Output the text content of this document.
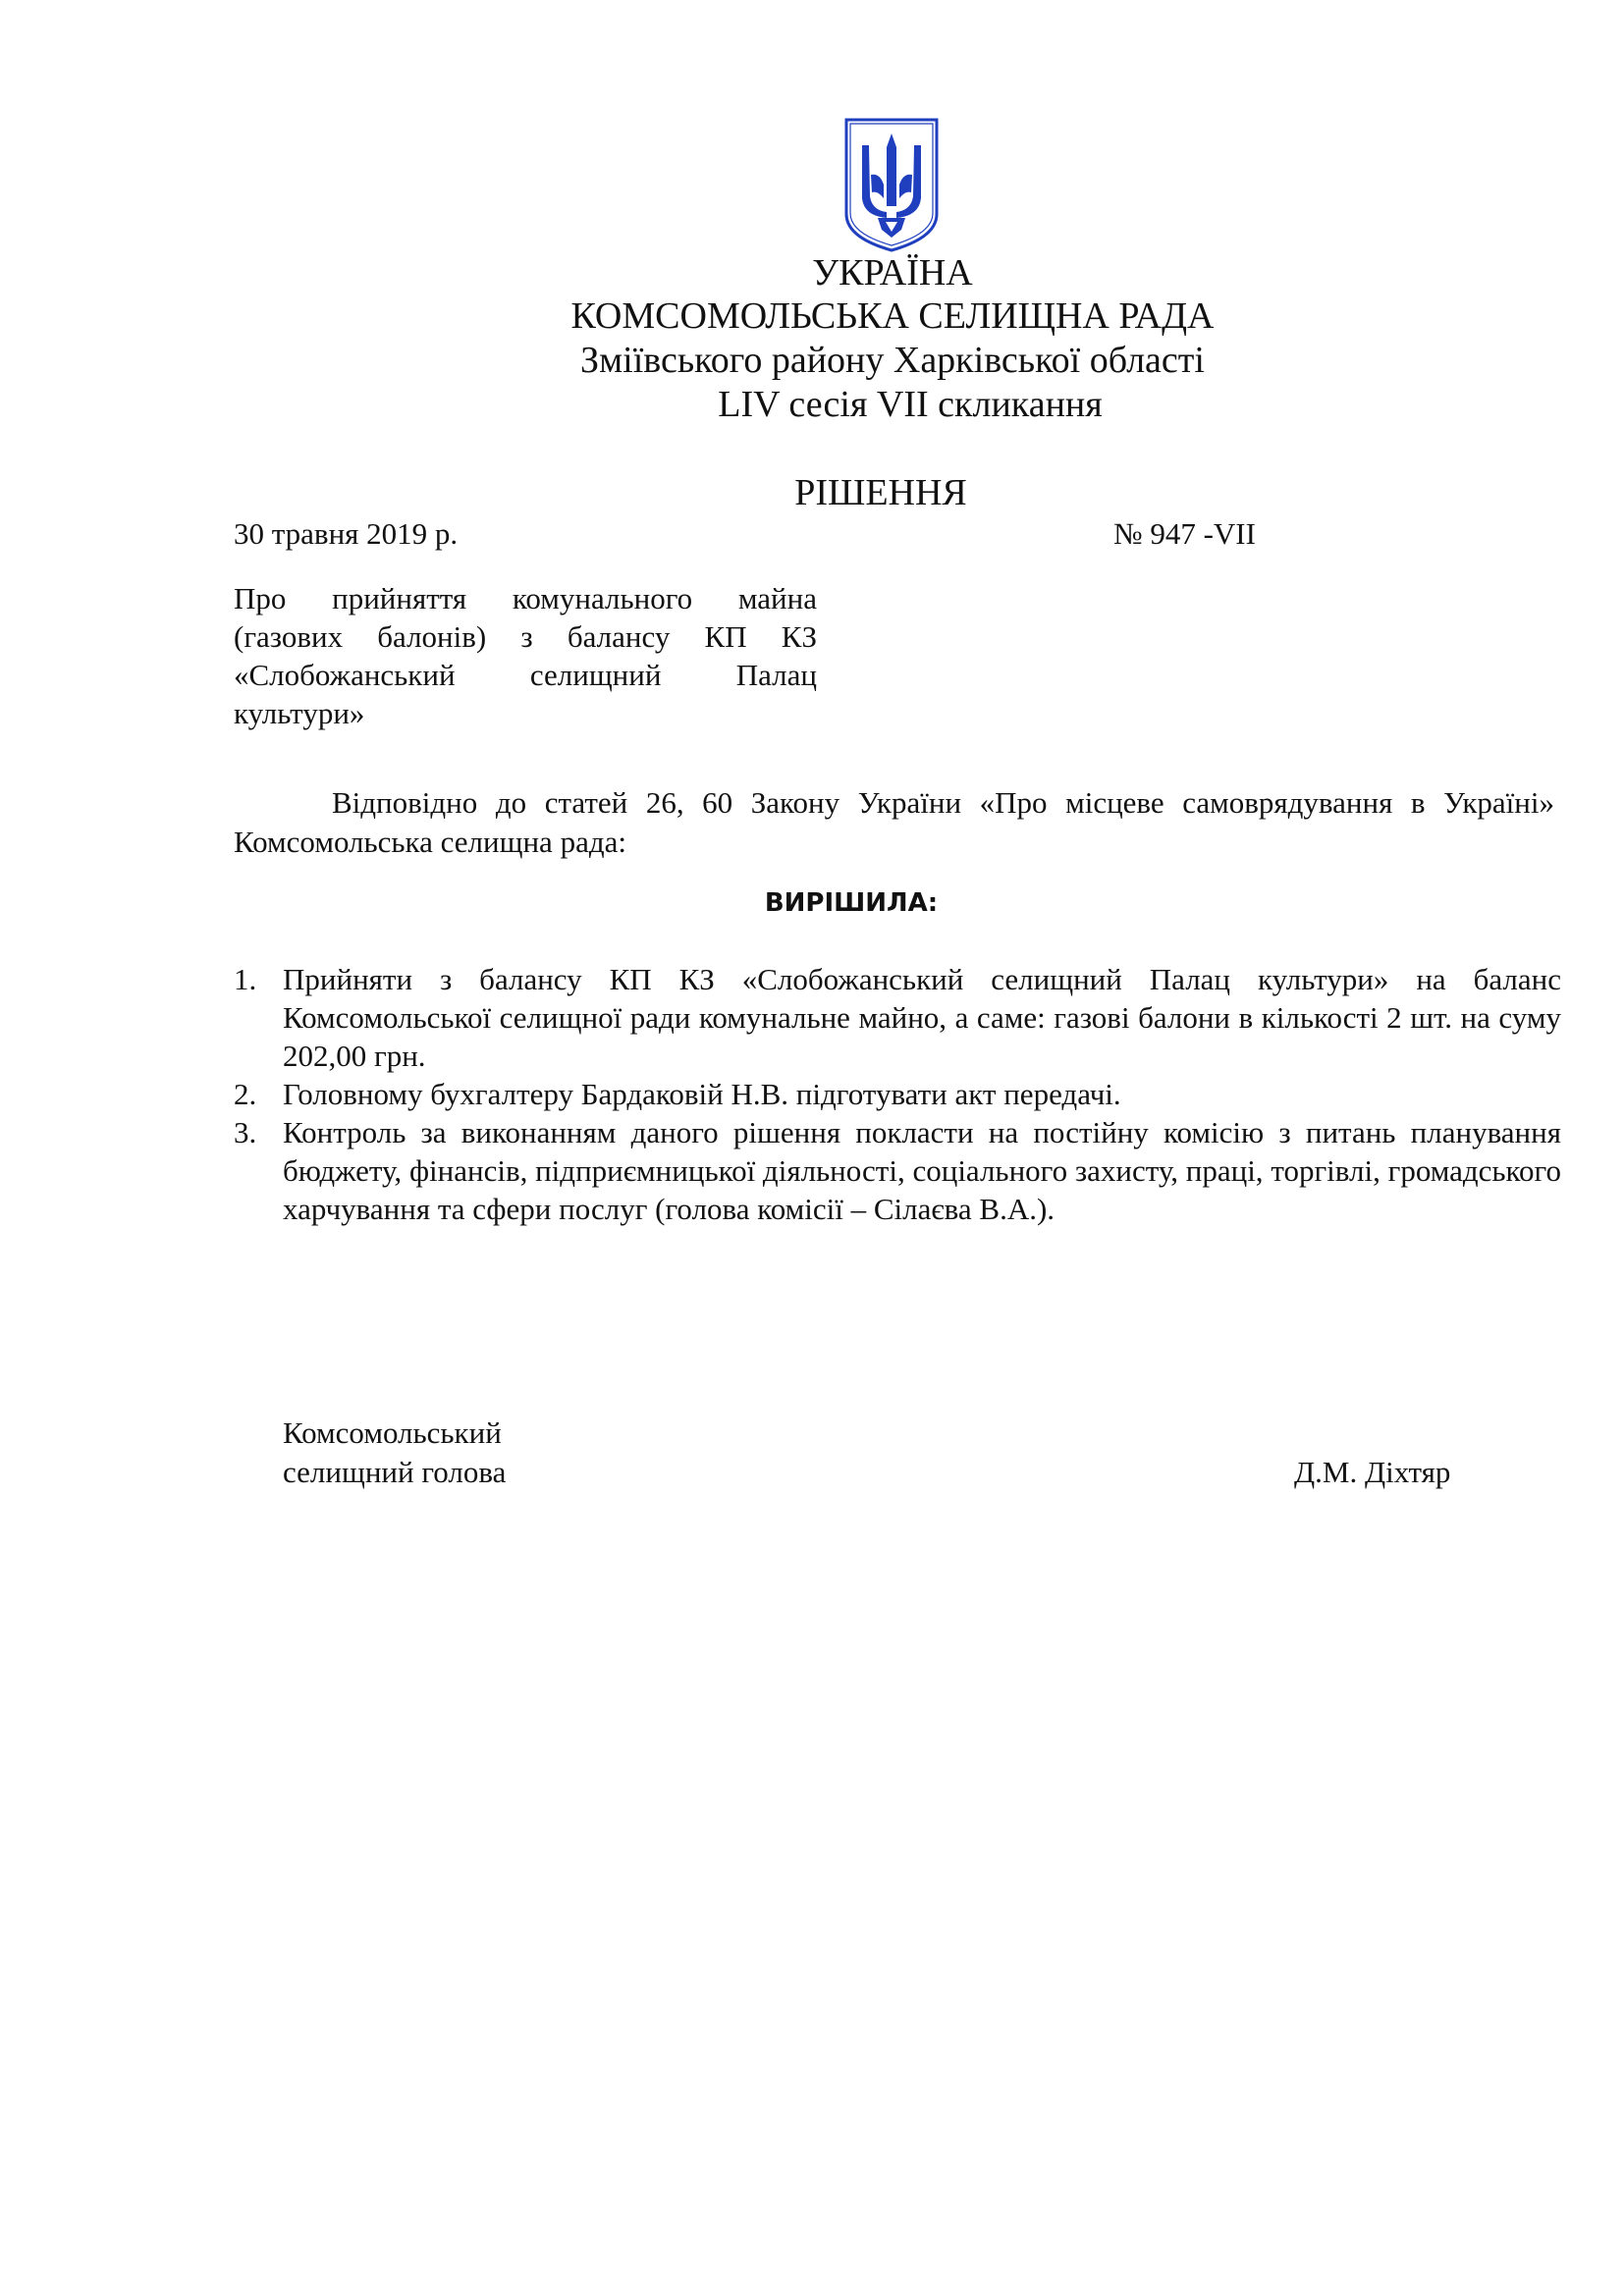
УКРАЇНА
КОМСОМОЛЬСЬКА СЕЛИЩНА РАДА
Зміївського району Харківської області
LIV сесія VII скликання
РІШЕННЯ
30 травня 2019 р.	№ 947 -VII
Про прийняття комунального майна (газових балонів) з балансу КП КЗ «Слобожанський селищний Палац культури»
Відповідно до статей 26, 60 Закону України «Про місцеве самоврядування в Україні» Комсомольська селищна рада:
ВИРІШИЛА:
1. Прийняти з балансу КП КЗ «Слобожанський селищний Палац культури» на баланс Комсомольської селищної ради комунальне майно, а саме: газові балони в кількості 2 шт. на суму 202,00 грн.
2. Головному бухгалтеру Бардаковій Н.В. підготувати акт передачі.
3. Контроль за виконанням даного рішення покласти на постійну комісію з питань планування бюджету, фінансів, підприємницької діяльності, соціального захисту, праці, торгівлі, громадського харчування та сфери послуг (голова комісії – Сілаєва В.А.).
Комсомольський
селищний голова	Д.М. Діхтяр
